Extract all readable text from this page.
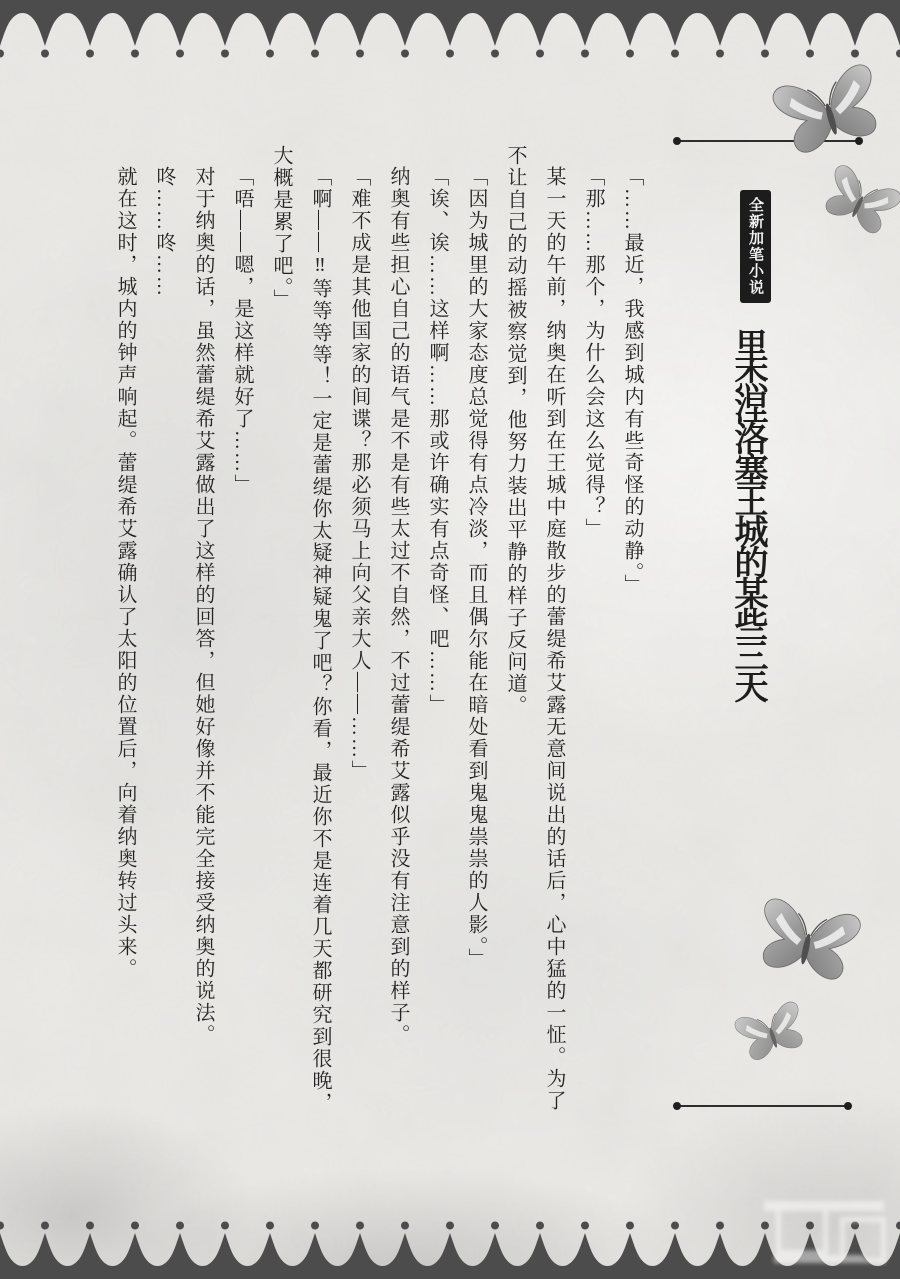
全新加笔小说
里杰涅洛塞王城的某些三天

「……最近，我感到城内有些奇怪的动静。」

「那……那个，为什么会这么觉得？」

某一天的午前，纳奥在听到在王城中庭散步的蕾缇希艾露无意间说出的话后，心中猛的一怔。为了不让自己的动摇被察觉到，他努力装出平静的样子反问道。

「因为城里的大家态度总觉得有点冷淡，而且偶尔能在暗处看到鬼鬼祟祟的人影。」

「诶、诶……这样啊……那或许确实有点奇怪、吧……」

纳奥有些担心自己的语气是不是有些太过不自然，不过蕾缇希艾露似乎没有注意到的样子。

「难不成是其他国家的间谍？那必须马上向父亲大人——……」

「啊——‼等等等等！一定是蕾缇你太疑神疑鬼了吧？你看，最近你不是连着几天都研究到很晚，大概是累了吧。」

「唔——嗯，是这样就好了……」

对于纳奥的话，虽然蕾缇希艾露做出了这样的回答，但她好像并不能完全接受纳奥的说法。

咚……咚……

就在这时，城内的钟声响起。蕾缇希艾露确认了太阳的位置后，向着纳奥转过头来。
